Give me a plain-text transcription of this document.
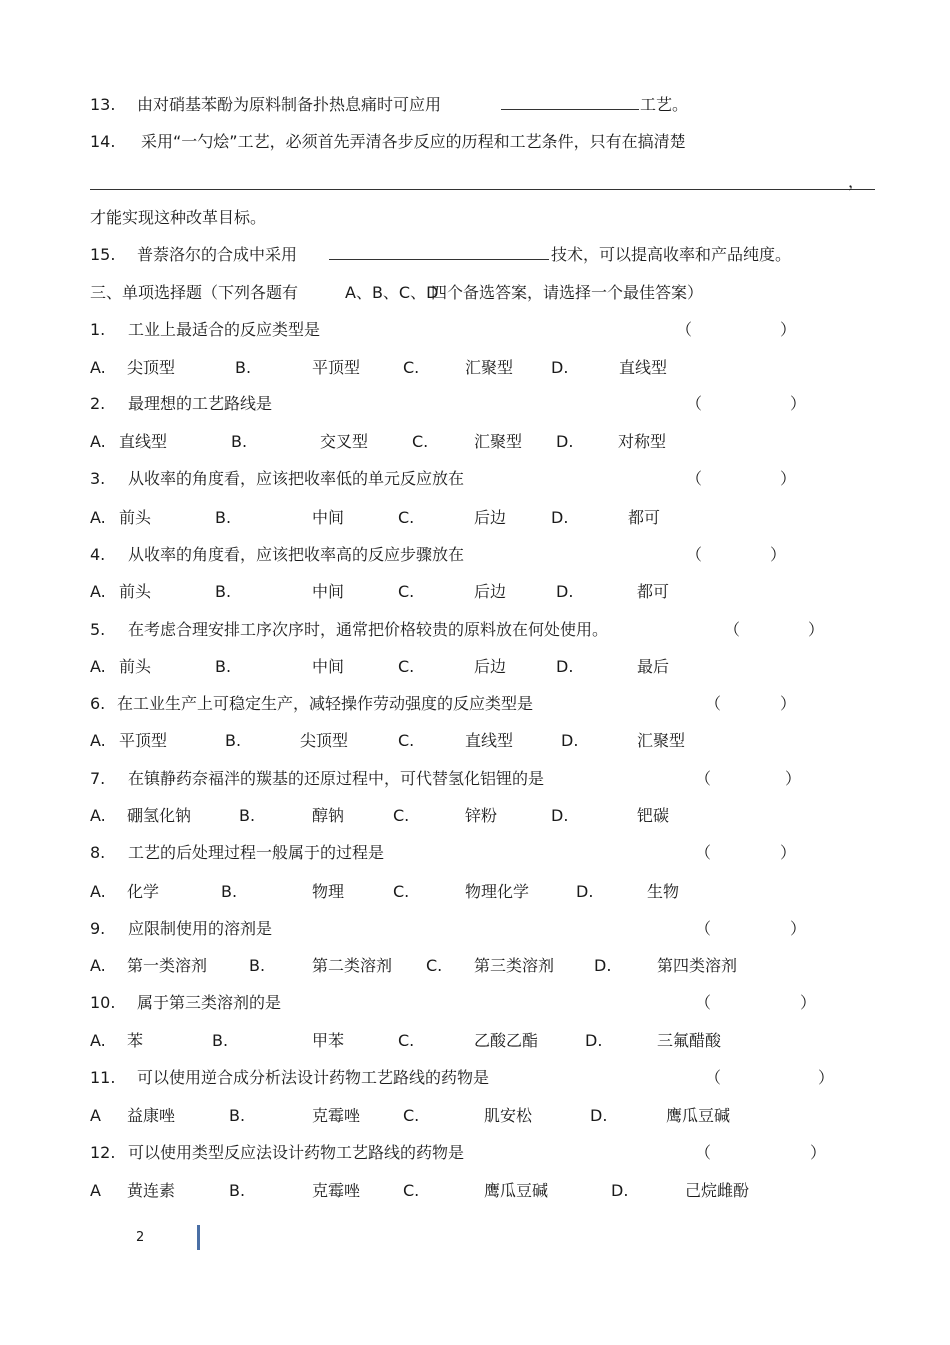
13. 由对硝基苯酚为原料制备扑热息痛时可应用	工艺。
14. 采用“一勺烩”工艺，必须首先弄清各步反应的历程和工艺条件，只有在搞清楚
，
才能实现这种改革目标。
15. 普萘洛尔的合成中采用	技术，可以提高收率和产品纯度。
三、单项选择题（下列各题有	A、B、C、D
四个备选答案，请选择一个最佳答案）
1. 工业上最适合的反应类型是	（	）
A. 尖顶型	B.	平顶型	C.	汇聚型 D.	直线型
2. 最理想的工艺路线是	（	）
A. 直线型	B.	交叉型	C.	汇聚型 D.	对称型
3. 从收率的角度看，应该把收率低的单元反应放在	（	）
A. 前头	B.	中间	C.	后边	D.	都可
4. 从收率的角度看，应该把收率高的反应步骤放在	（	）
A. 前头	B.	中间	C.	后边	D.	都可
5. 在考虑合理安排工序次序时，通常把价格较贵的原料放在何处使用。	（	）
A. 前头	B.	中间	C.	后边	D.	最后
6. 在工业生产上可稳定生产，减轻操作劳动强度的反应类型是	（	）
A. 平顶型	B.	尖顶型	C.	直线型	D.	汇聚型
7. 在镇静药奈福泮的羰基的还原过程中，可代替氢化铝锂的是	（	）
A. 硼氢化钠	B.	醇钠	C.	锌粉	D.	钯碳
8. 工艺的后处理过程一般属于的过程是	（	）
A. 化学	B.	物理	C.	物理化学	D.	生物
9. 应限制使用的溶剂是	（	）
A. 第一类溶剂	B.	第二类溶剂 C. 第三类溶剂 D.	第四类溶剂
10. 属于第三类溶剂的是	（	）
A. 苯	B.	甲苯	C.	乙酸乙酯	D.	三氟醋酸
11. 可以使用逆合成分析法设计药物工艺路线的药物是	（	）
A 益康唑	B.	克霉唑	C.	肌安松	D.	鹰瓜豆碱
12. 可以使用类型反应法设计药物工艺路线的药物是	（	）
A 黄连素	B.	克霉唑	C.	鹰瓜豆碱	D.	己烷雌酚
2
